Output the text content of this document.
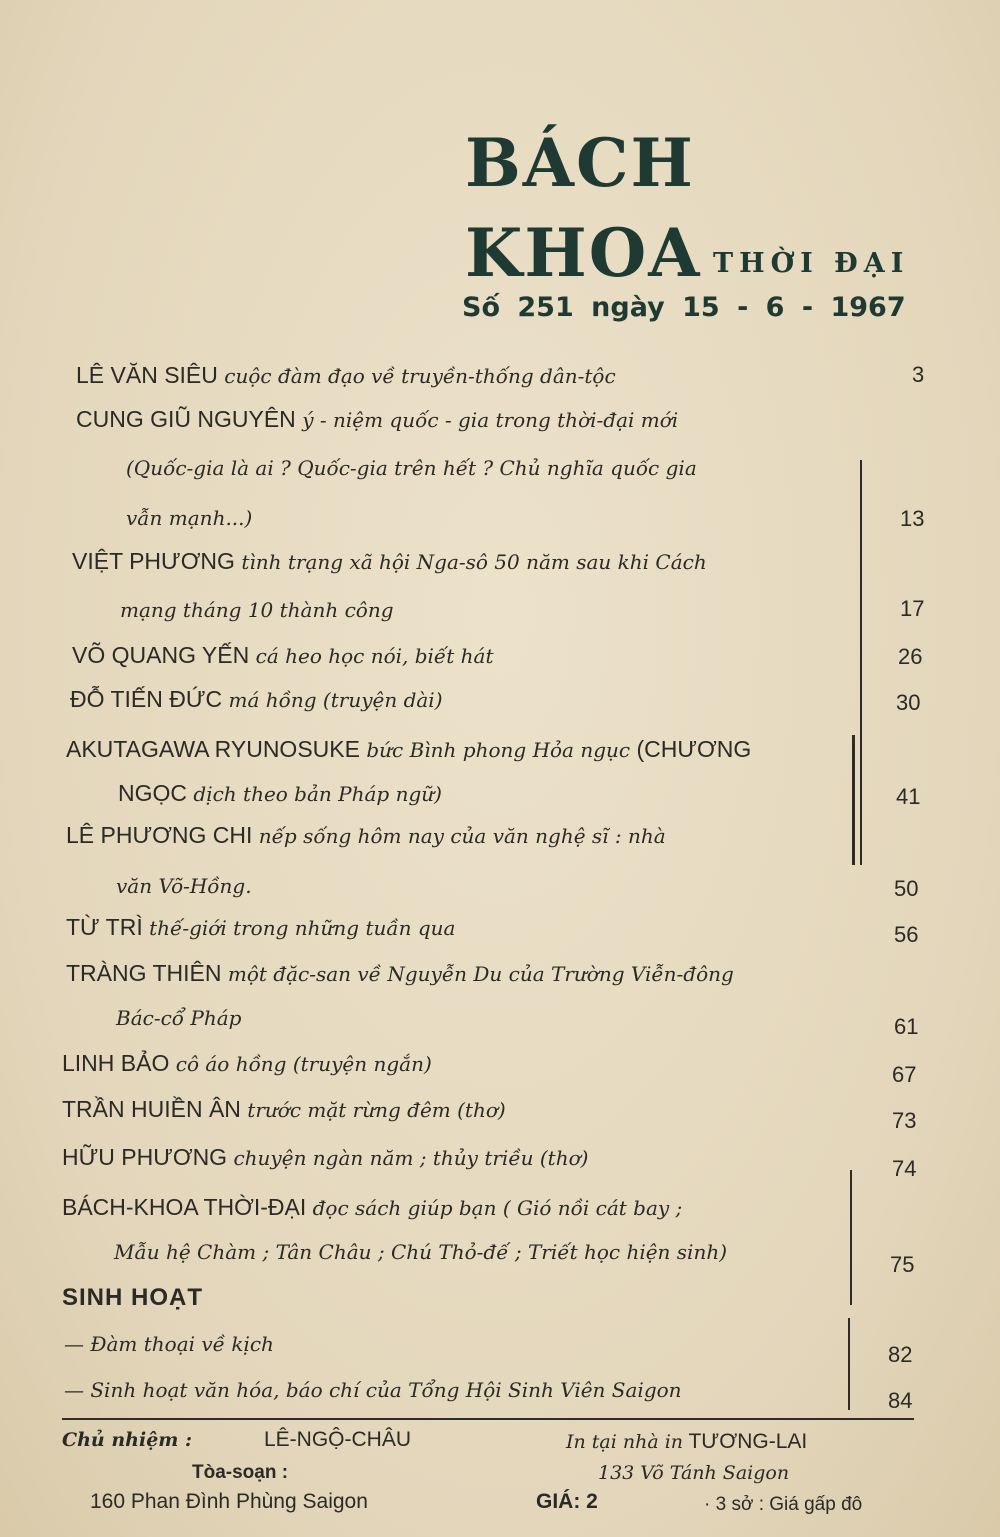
BÁCH
KHOA THỜI ĐẠI
Số 251 ngày 15 - 6 - 1967
LÊ VĂN SIÊU cuộc đàm đạo về truyền-thống dân-tộc	3
CUNG GIŨ NGUYÊN ý - niệm quốc - gia trong thời-đại mới
(Quốc-gia là ai ? Quốc-gia trên hết ? Chủ nghĩa quốc gia
vẫn mạnh...)	13
VIỆT PHƯƠNG tình trạng xã hội Nga-sô 50 năm sau khi Cách
mạng tháng 10 thành công	17
VÕ QUANG YẾN cá heo học nói, biết hát	26
ĐỖ TIẾN ĐỨC má hồng (truyện dài)	30
AKUTAGAWA RYUNOSUKE bức Bình phong Hỏa ngục (CHƯƠNG
NGỌC dịch theo bản Pháp ngữ)	41
LÊ PHƯƠNG CHI nếp sống hôm nay của văn nghệ sĩ : nhà
văn Võ-Hồng.	50
TỪ TRÌ thế-giới trong những tuần qua	56
TRÀNG THIÊN một đặc-san về Nguyễn Du của Trường Viễn-đông
Bác-cổ Pháp	61
LINH BẢO cô áo hồng (truyện ngắn)	67
TRẦN HUIỀN ÂN trước mặt rừng đêm (thơ)	73
HỮU PHƯƠNG chuyện ngàn năm ; thủy triều (thơ)	74
BÁCH-KHOA THỜI-ĐẠI đọc sách giúp bạn ( Gió nồi cát bay ;
Mẫu hệ Chàm ; Tân Châu ; Chú Thỏ-đế ; Triết học hiện sinh)	75
SINH HOẠT
— Đàm thoại về kịch	82
— Sinh hoạt văn hóa, báo chí của Tổng Hội Sinh Viên Saigon	84
Chủ nhiệm :	LÊ-NGỘ-CHÂU
Tòa-soạn :
160 Phan Đình Phùng Saigon
In tại nhà in TƯƠNG-LAI
133 Võ Tánh Saigon
GIÁ: 2	· 3 sở : Giá gấp đô
